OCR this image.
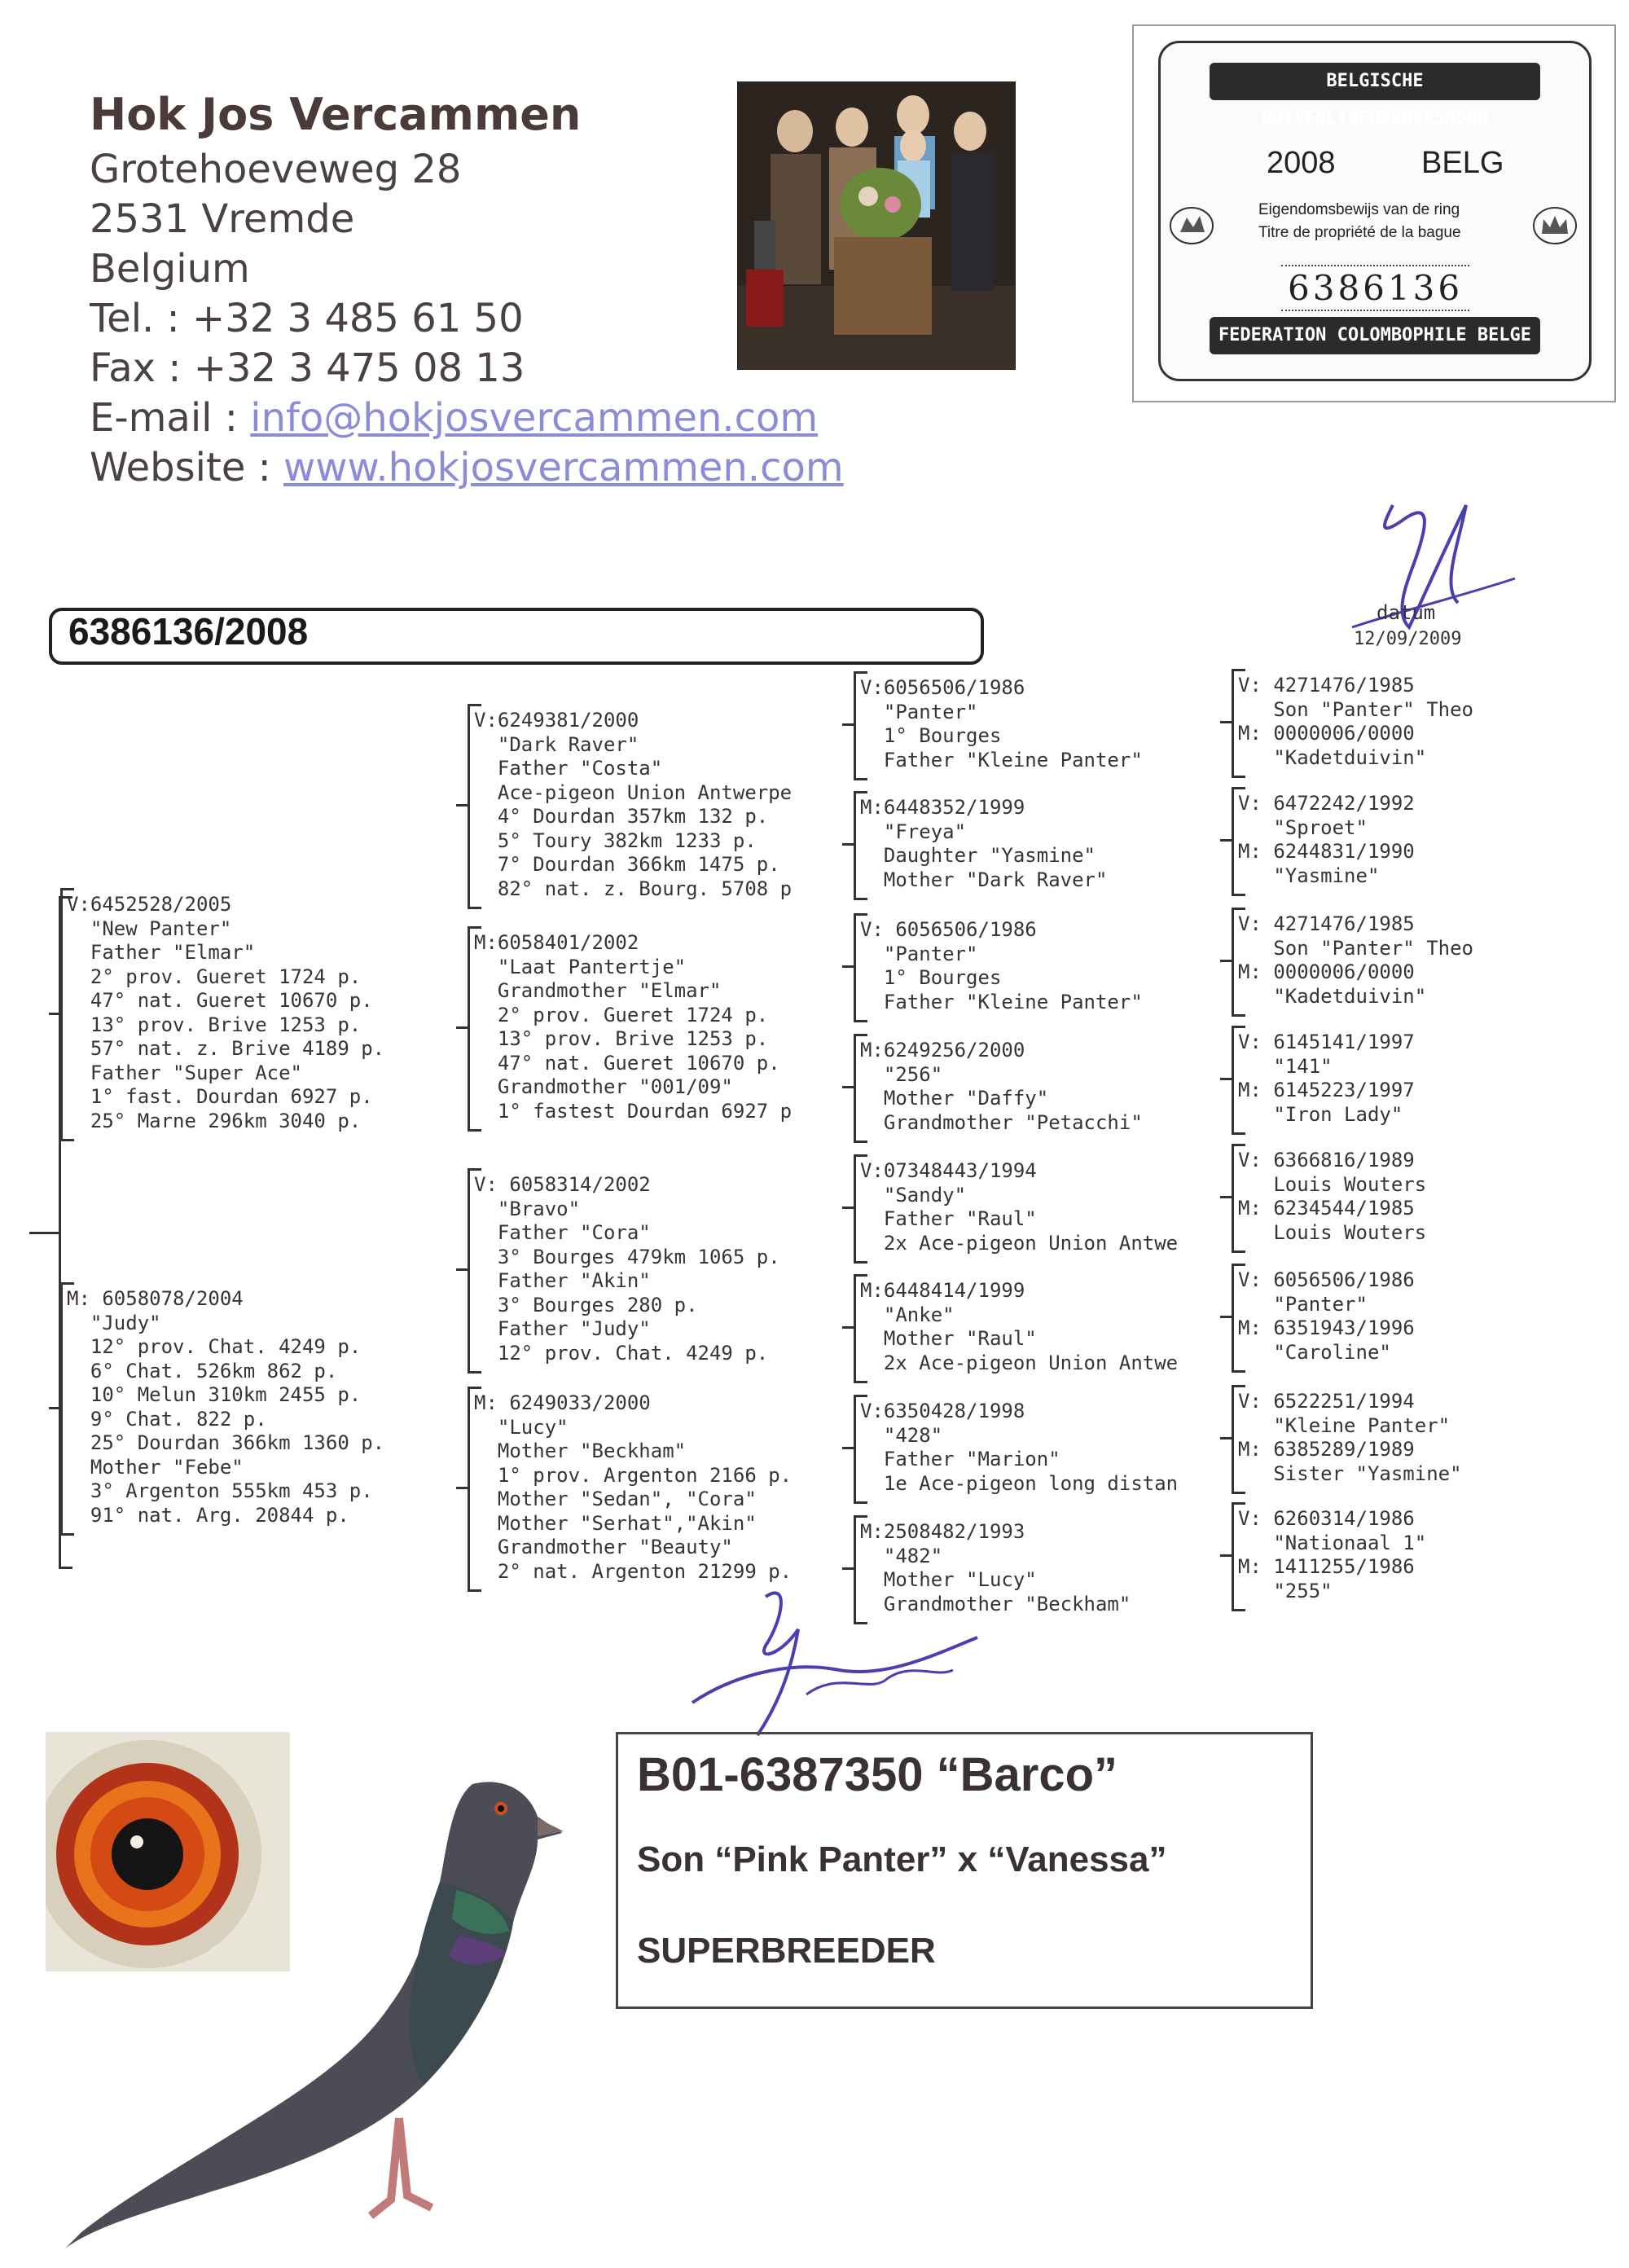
Hok Jos Vercammen
Grotehoeveweg 28
2531 Vremde
Belgium
Tel. : +32 3 485 61 50
Fax : +32 3 475 08 13
E-mail : info@hokjosvercammen.com
Website : www.hokjosvercammen.com
BELGISCHE DUIVENLIEFHEBBERSBOND
2008	BELG
Eigendomsbewijs van de ring
Titre de propriété de la bague
6386136
FEDERATION COLOMBOPHILE BELGE
datum
12/09/2009
6386136/2008
V:6452528/2005
"New Panter"
Father "Elmar"
2° prov. Gueret 1724 p.
47° nat. Gueret 10670 p.
13° prov. Brive 1253 p.
57° nat. z. Brive 4189 p.
Father "Super Ace"
1° fast. Dourdan 6927 p.
25° Marne 296km 3040 p.
M: 6058078/2004
"Judy"
12° prov. Chat. 4249 p.
6° Chat. 526km 862 p.
10° Melun 310km 2455 p.
9° Chat. 822 p.
25° Dourdan 366km 1360 p.
Mother "Febe"
3° Argenton 555km 453 p.
91° nat. Arg. 20844 p.
V:6249381/2000
"Dark Raver"
Father "Costa"
Ace-pigeon Union Antwerpe
4° Dourdan 357km 132 p.
5° Toury 382km 1233 p.
7° Dourdan 366km 1475 p.
82° nat. z. Bourg. 5708 p
M:6058401/2002
"Laat Pantertje"
Grandmother "Elmar"
2° prov. Gueret 1724 p.
13° prov. Brive 1253 p.
47° nat. Gueret 10670 p.
Grandmother "001/09"
1° fastest Dourdan 6927 p
V: 6058314/2002
"Bravo"
Father "Cora"
3° Bourges 479km 1065 p.
Father "Akin"
3° Bourges 280 p.
Father "Judy"
12° prov. Chat. 4249 p.
M: 6249033/2000
"Lucy"
Mother "Beckham"
1° prov. Argenton 2166 p.
Mother "Sedan", "Cora"
Mother "Serhat","Akin"
Grandmother "Beauty"
2° nat. Argenton 21299 p.
V:6056506/1986
"Panter"
1° Bourges
Father "Kleine Panter"
M:6448352/1999
"Freya"
Daughter "Yasmine"
Mother "Dark Raver"
V: 6056506/1986
"Panter"
1° Bourges
Father "Kleine Panter"
M:6249256/2000
"256"
Mother "Daffy"
Grandmother "Petacchi"
V:07348443/1994
"Sandy"
Father "Raul"
2x Ace-pigeon Union Antwe
M:6448414/1999
"Anke"
Mother "Raul"
2x Ace-pigeon Union Antwe
V:6350428/1998
"428"
Father "Marion"
1e Ace-pigeon long distan
M:2508482/1993
"482"
Mother "Lucy"
Grandmother "Beckham"
V: 4271476/1985
Son "Panter" Theo
M: 0000006/0000
"Kadetduivin"
V: 6472242/1992
"Sproet"
M: 6244831/1990
"Yasmine"
V: 4271476/1985
Son "Panter" Theo
M: 0000006/0000
"Kadetduivin"
V: 6145141/1997
"141"
M: 6145223/1997
"Iron Lady"
V: 6366816/1989
Louis Wouters
M: 6234544/1985
Louis Wouters
V: 6056506/1986
"Panter"
M: 6351943/1996
"Caroline"
V: 6522251/1994
"Kleine Panter"
M: 6385289/1989
Sister "Yasmine"
V: 6260314/1986
"Nationaal 1"
M: 1411255/1986
"255"
B01-6387350 “Barco”
Son “Pink Panter” x “Vanessa”
SUPERBREEDER
